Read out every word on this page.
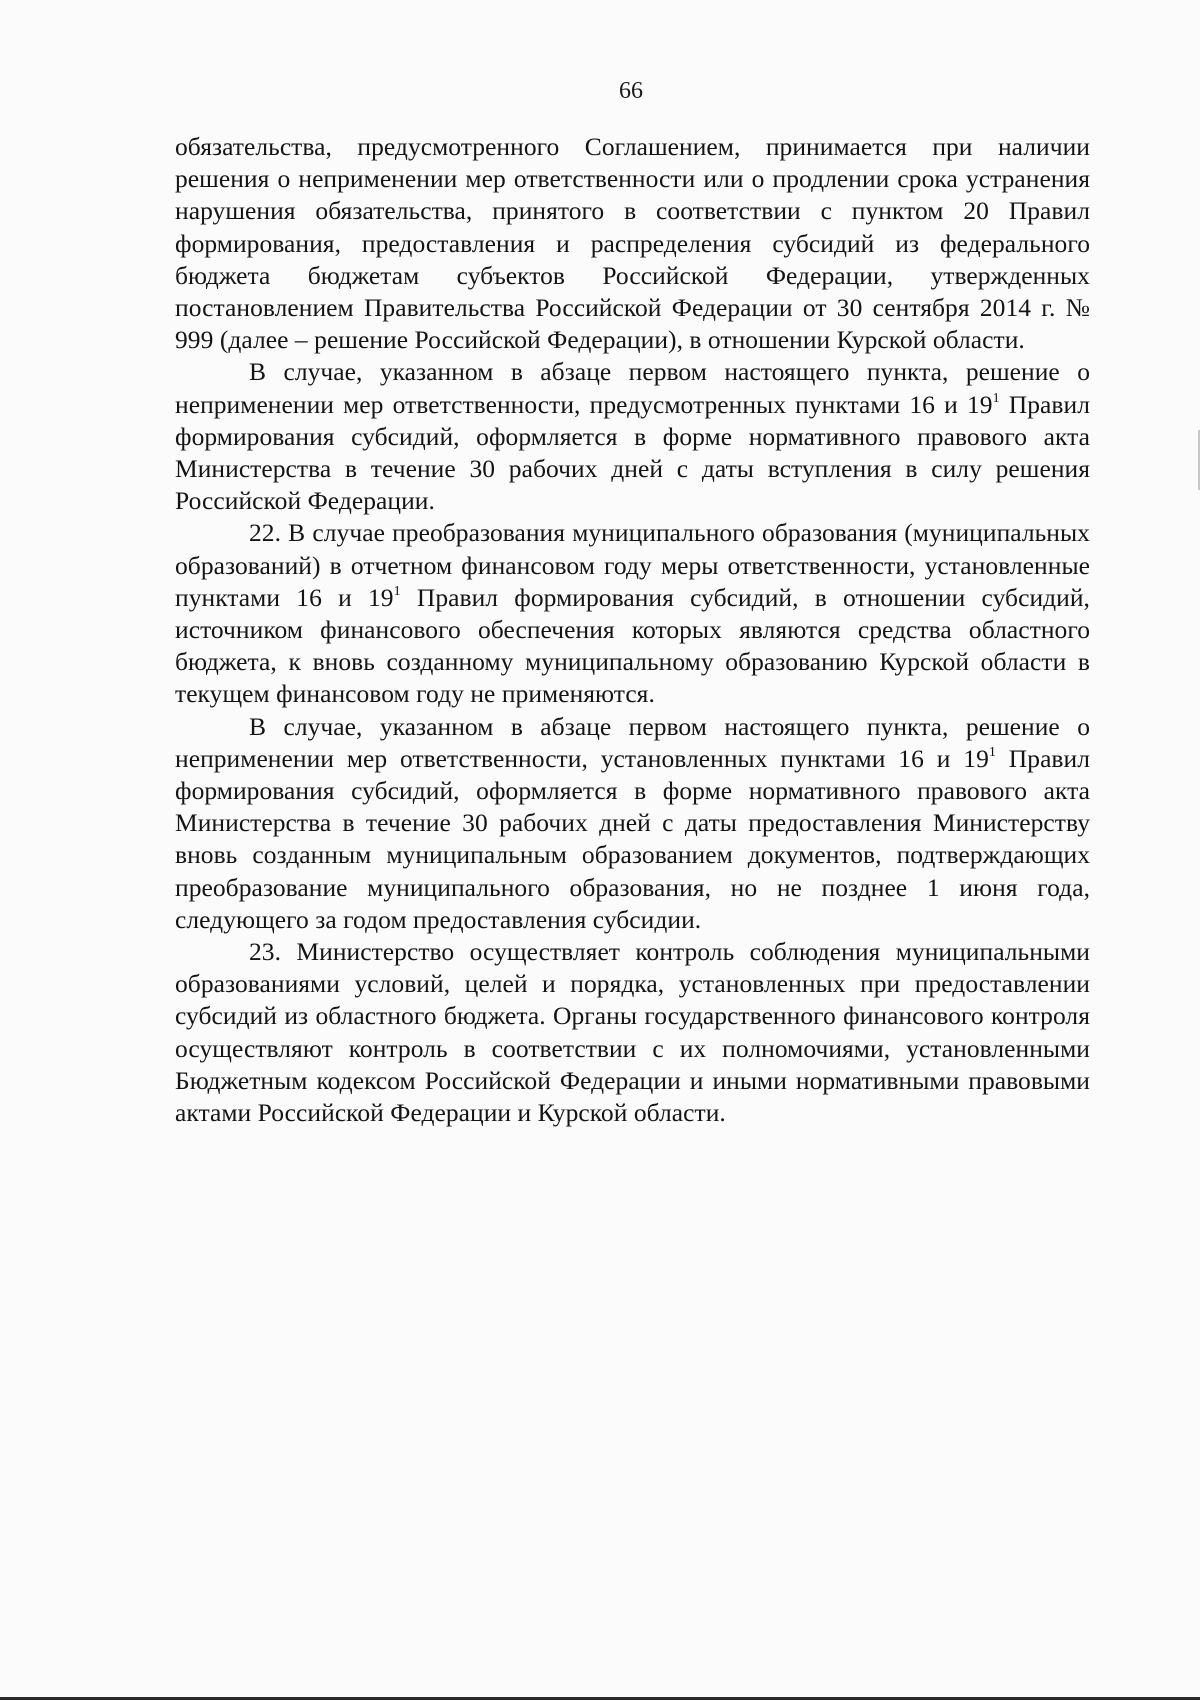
66

обязательства, предусмотренного Соглашением, принимается при наличии решения о неприменении мер ответственности или о продлении срока устранения нарушения обязательства, принятого в соответствии с пунктом 20 Правил формирования, предоставления и распределения субсидий из федерального бюджета бюджетам субъектов Российской Федерации, утвержденных постановлением Правительства Российской Федерации от 30 сентября 2014 г. № 999 (далее – решение Российской Федерации), в отношении Курской области.

В случае, указанном в абзаце первом настоящего пункта, решение о неприменении мер ответственности, предусмотренных пунктами 16 и $19^1$ Правил формирования субсидий, оформляется в форме нормативного правового акта Министерства в течение 30 рабочих дней с даты вступления в силу решения Российской Федерации.

22. В случае преобразования муниципального образования (муниципальных образований) в отчетном финансовом году меры ответственности, установленные пунктами 16 и $19^1$ Правил формирования субсидий, в отношении субсидий, источником финансового обеспечения которых являются средства областного бюджета, к вновь созданному муниципальному образованию Курской области в текущем финансовом году не применяются.

В случае, указанном в абзаце первом настоящего пункта, решение о неприменении мер ответственности, установленных пунктами 16 и $19^1$ Правил формирования субсидий, оформляется в форме нормативного правового акта Министерства в течение 30 рабочих дней с даты предоставления Министерству вновь созданным муниципальным образованием документов, подтверждающих преобразование муниципального образования, но не позднее 1 июня года, следующего за годом предоставления субсидии.

23. Министерство осуществляет контроль соблюдения муниципальными образованиями условий, целей и порядка, установленных при предоставлении субсидий из областного бюджета. Органы государственного финансового контроля осуществляют контроль в соответствии с их полномочиями, установленными Бюджетным кодексом Российской Федерации и иными нормативными правовыми актами Российской Федерации и Курской области.
